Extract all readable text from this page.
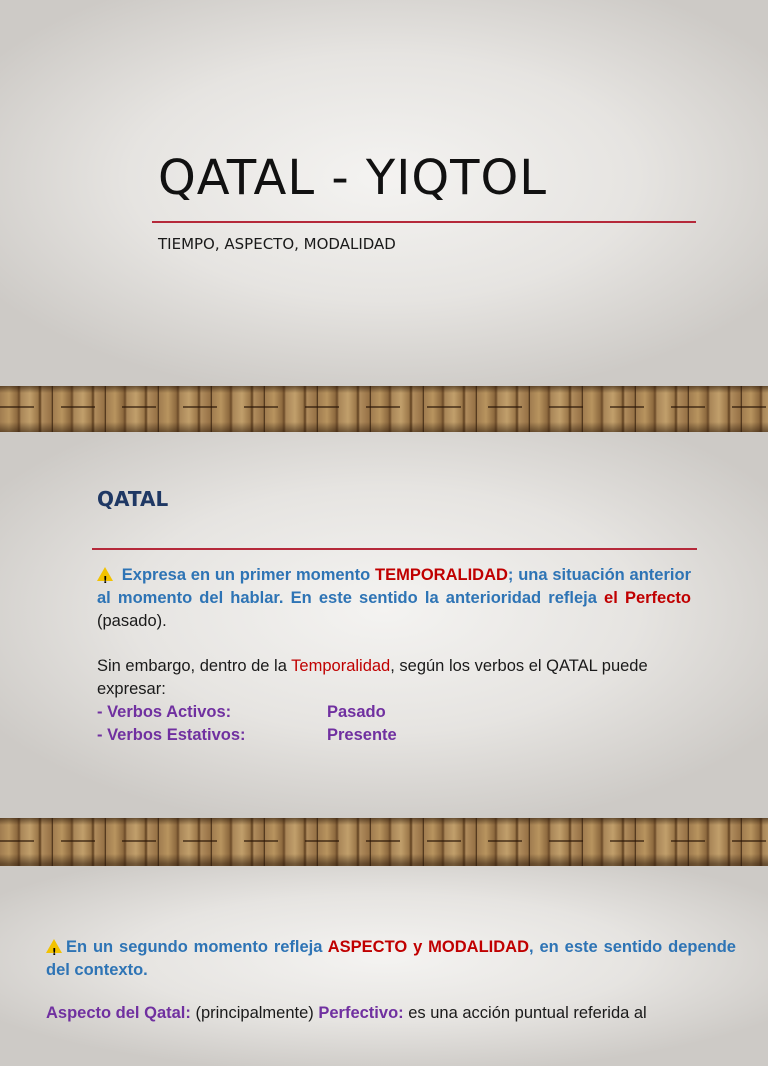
QATAL - YIQTOL

TIEMPO, ASPECTO, MODALIDAD

QATAL

! Expresa en un primer momento TEMPORALIDAD; una situación anterior al momento del hablar. En este sentido la anterioridad refleja el Perfecto (pasado).

Sin embargo, dentro de la Temporalidad, según los verbos el QATAL puede expresar:
- Verbos Activos:	Pasado
- Verbos Estativos:	Presente

!En un segundo momento refleja ASPECTO y MODALIDAD, en este sentido depende del contexto.

Aspecto del Qatal: (principalmente) Perfectivo: es una acción puntual referida al
